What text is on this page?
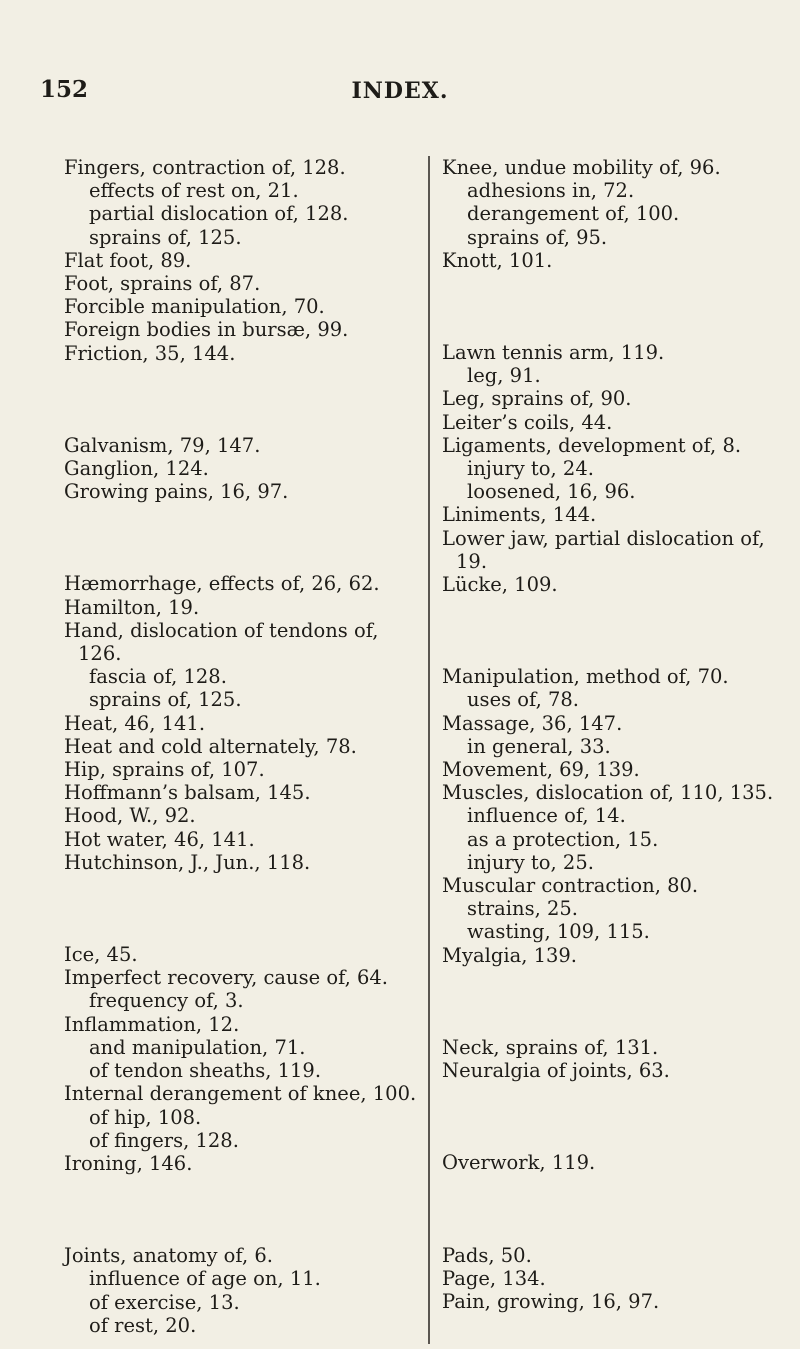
152	INDEX.
Fingers, contraction of, 128.
effects of rest on, 21.
partial dislocation of, 128.
sprains of, 125.
Flat foot, 89.
Foot, sprains of, 87.
Forcible manipulation, 70.
Foreign bodies in bursæ, 99.
Friction, 35, 144.
Galvanism, 79, 147.
Ganglion, 124.
Growing pains, 16, 97.
Hæmorrhage, effects of, 26, 62.
Hamilton, 19.
Hand, dislocation of tendons of,
126.
fascia of, 128.
sprains of, 125.
Heat, 46, 141.
Heat and cold alternately, 78.
Hip, sprains of, 107.
Hoffmann’s balsam, 145.
Hood, W., 92.
Hot water, 46, 141.
Hutchinson, J., Jun., 118.
Ice, 45.
Imperfect recovery, cause of, 64.
frequency of, 3.
Inflammation, 12.
and manipulation, 71.
of tendon sheaths, 119.
Internal derangement of knee, 100.
of hip, 108.
of fingers, 128.
Ironing, 146.
Joints, anatomy of, 6.
influence of age on, 11.
of exercise, 13.
of rest, 20.
Knee, undue mobility of, 96.
adhesions in, 72.
derangement of, 100.
sprains of, 95.
Knott, 101.
Lawn tennis arm, 119.
leg, 91.
Leg, sprains of, 90.
Leiter’s coils, 44.
Ligaments, development of, 8.
injury to, 24.
loosened, 16, 96.
Liniments, 144.
Lower jaw, partial dislocation of,
19.
Lücke, 109.
Manipulation, method of, 70.
uses of, 78.
Massage, 36, 147.
in general, 33.
Movement, 69, 139.
Muscles, dislocation of, 110, 135.
influence of, 14.
as a protection, 15.
injury to, 25.
Muscular contraction, 80.
strains, 25.
wasting, 109, 115.
Myalgia, 139.
Neck, sprains of, 131.
Neuralgia of joints, 63.
Overwork, 119.
Pads, 50.
Page, 134.
Pain, growing, 16, 97.
